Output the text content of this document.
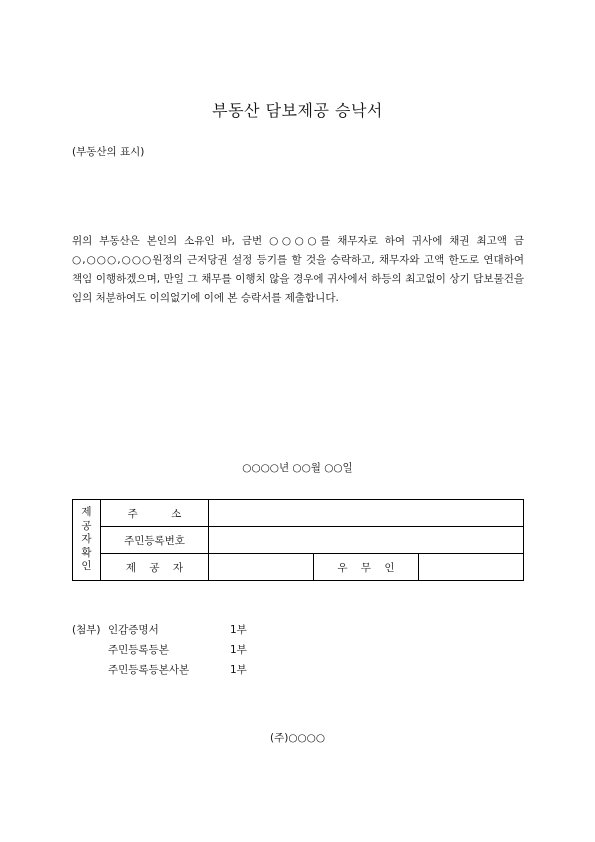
부동산 담보제공 승낙서
(부동산의 표시)
위의 부동산은 본인의 소유인 바, 금번 ○○○○를 채무자로 하여 귀사에 채권 최고액 금 ○,○○○,○○○원정의 근저당권 설정 등기를 할 것을 승락하고, 채무자와 고액 한도로 연대하여 책임 이행하겠으며, 만일 그 채무를 이행치 않을 경우에 귀사에서 하등의 최고없이 상기 담보물건을 임의 처분하여도 이의없기에 이에 본 승락서를 제출합니다.
○○○○년 ○○월 ○○일
제
공
자
확
인	주          소			
	주민등록번호			
	제    공    자		우    무    인	
(첨부) 인감증명서	1부
주민등록등본	1부
주민등록등본사본	1부
(주)○○○○
